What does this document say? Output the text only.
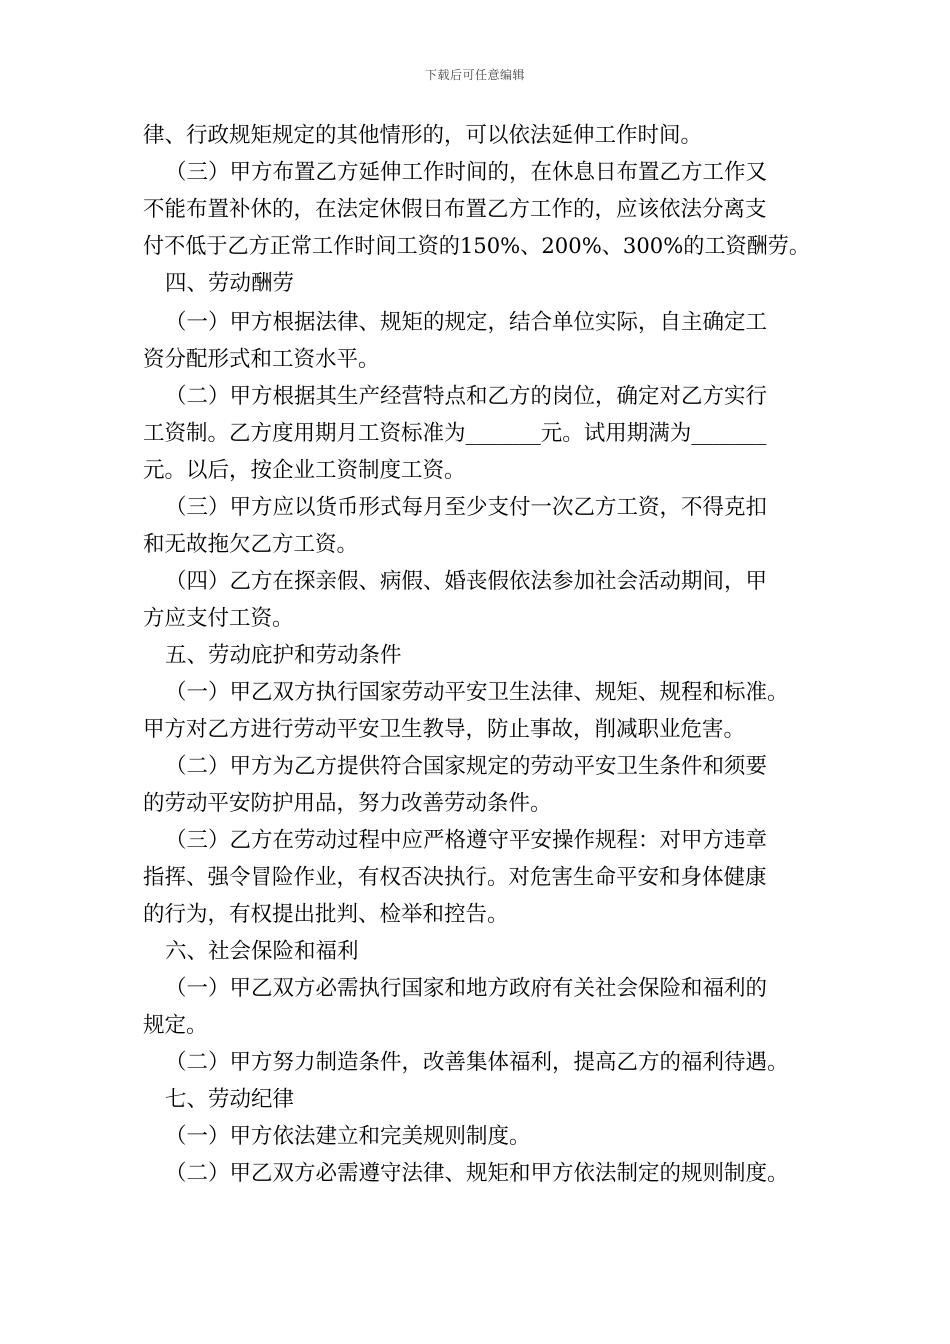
下载后可任意编辑
律、行政规矩规定的其他情形的，可以依法延伸工作时间。
（三）甲方布置乙方延伸工作时间的，在休息日布置乙方工作又
不能布置补休的，在法定休假日布置乙方工作的，应该依法分离支
付不低于乙方正常工作时间工资的150%、200%、300%的工资酬劳。
四、劳动酬劳
（一）甲方根据法律、规矩的规定，结合单位实际，自主确定工
资分配形式和工资水平。
（二）甲方根据其生产经营特点和乙方的岗位，确定对乙方实行
工资制。乙方度用期月工资标准为_______元。试用期满为_______
元。以后，按企业工资制度工资。
（三）甲方应以货币形式每月至少支付一次乙方工资，不得克扣
和无故拖欠乙方工资。
（四）乙方在探亲假、病假、婚丧假依法参加社会活动期间，甲
方应支付工资。
五、劳动庇护和劳动条件
（一）甲乙双方执行国家劳动平安卫生法律、规矩、规程和标准。
甲方对乙方进行劳动平安卫生教导，防止事故，削减职业危害。
（二）甲方为乙方提供符合国家规定的劳动平安卫生条件和须要
的劳动平安防护用品，努力改善劳动条件。
（三）乙方在劳动过程中应严格遵守平安操作规程：对甲方违章
指挥、强令冒险作业，有权否决执行。对危害生命平安和身体健康
的行为，有权提出批判、检举和控告。
六、社会保险和福利
（一）甲乙双方必需执行国家和地方政府有关社会保险和福利的
规定。
（二）甲方努力制造条件，改善集体福利，提高乙方的福利待遇。
七、劳动纪律
（一）甲方依法建立和完美规则制度。
（二）甲乙双方必需遵守法律、规矩和甲方依法制定的规则制度。
